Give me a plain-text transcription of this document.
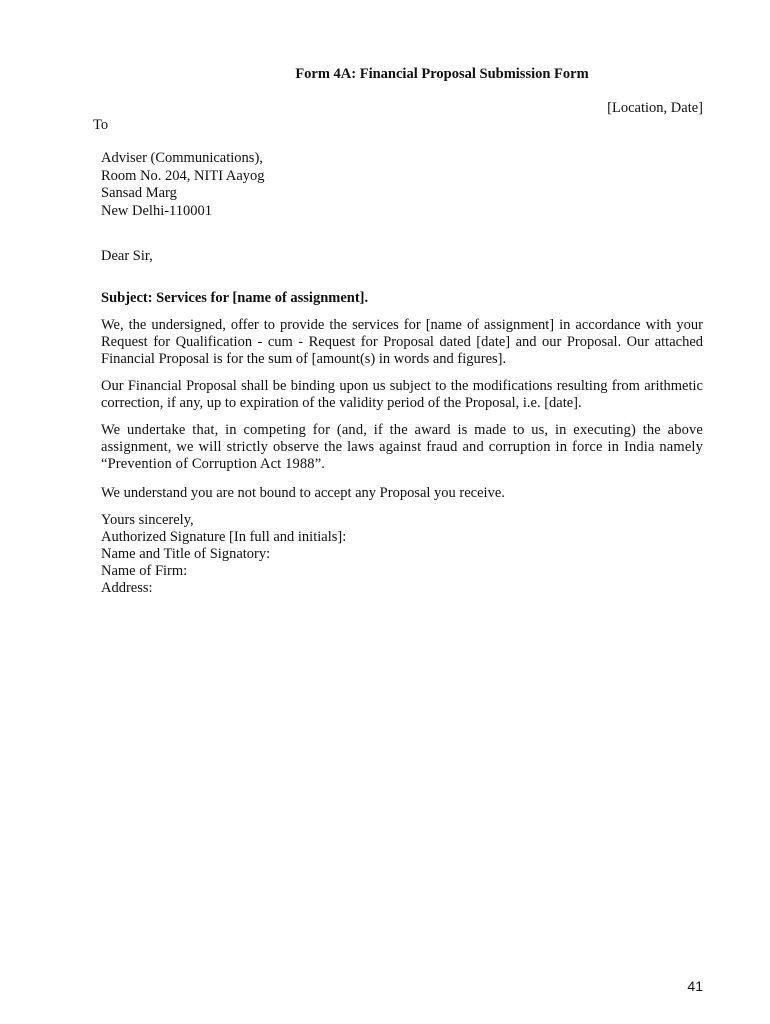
Form 4A: Financial Proposal Submission Form
[Location, Date]
To
Adviser (Communications),
Room No. 204, NITI Aayog
Sansad Marg
New Delhi-110001
Dear Sir,
Subject: Services for [name of assignment].
We, the undersigned, offer to provide the services for [name of assignment] in accordance with your Request for Qualification - cum - Request for Proposal dated [date] and our Proposal. Our attached Financial Proposal is for the sum of [amount(s) in words and figures].
Our Financial Proposal shall be binding upon us subject to the modifications resulting from arithmetic correction, if any, up to expiration of the validity period of the Proposal, i.e. [date].
We undertake that, in competing for (and, if the award is made to us, in executing) the above assignment, we will strictly observe the laws against fraud and corruption in force in India namely “Prevention of Corruption Act 1988”.
We understand you are not bound to accept any Proposal you receive.
Yours sincerely,
Authorized Signature [In full and initials]:
Name and Title of Signatory:
Name of Firm:
Address:
41
